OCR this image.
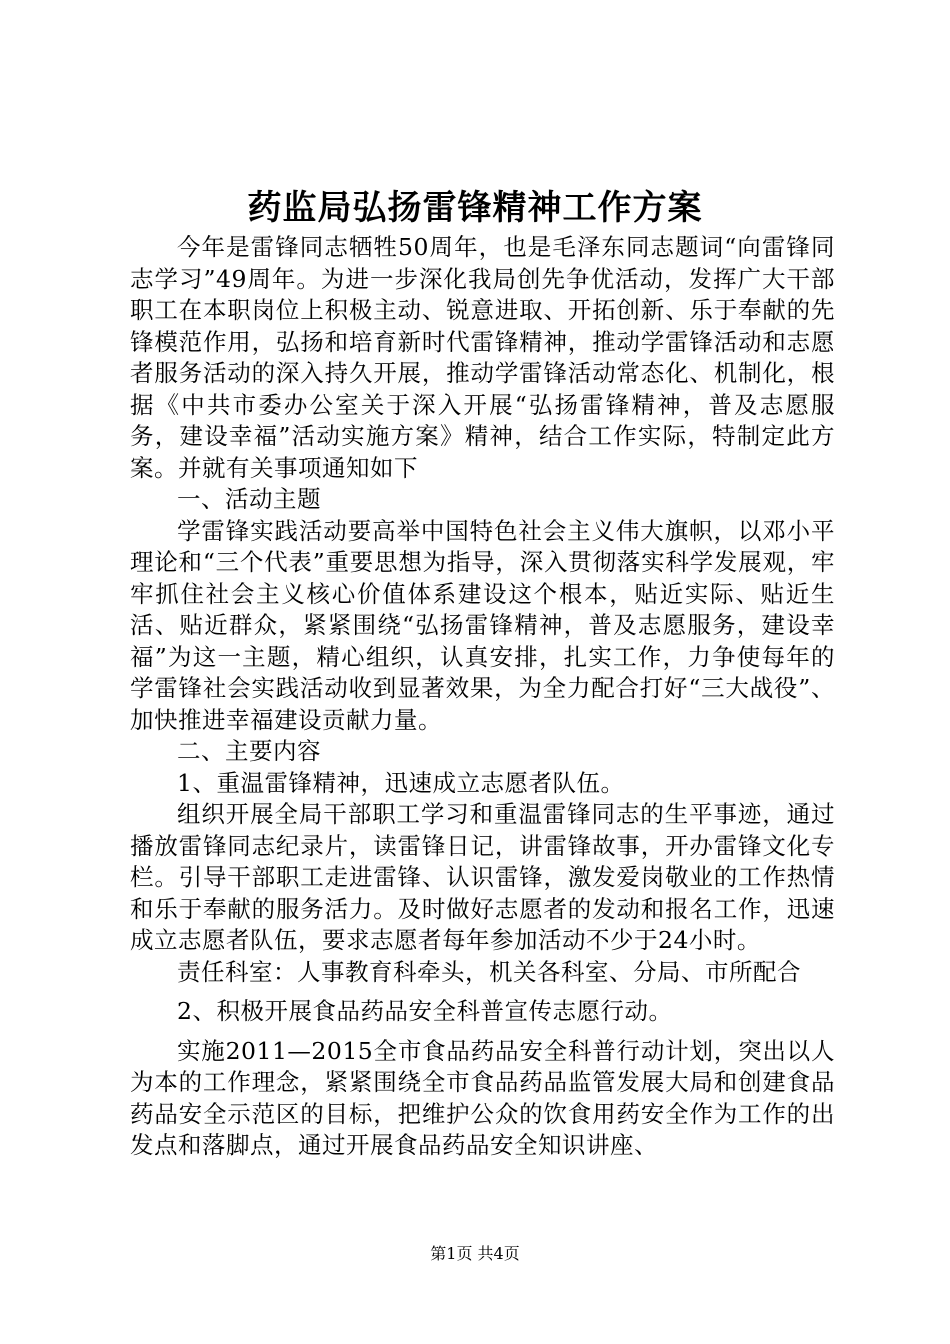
药监局弘扬雷锋精神工作方案

今年是雷锋同志牺牲50周年，也是毛泽东同志题词“向雷锋同志学习”49周年。为进一步深化我局创先争优活动，发挥广大干部职工在本职岗位上积极主动、锐意进取、开拓创新、乐于奉献的先锋模范作用，弘扬和培育新时代雷锋精神，推动学雷锋活动和志愿者服务活动的深入持久开展，推动学雷锋活动常态化、机制化，根据《中共市委办公室关于深入开展“弘扬雷锋精神，普及志愿服务，建设幸福”活动实施方案》精神，结合工作实际，特制定此方案。并就有关事项通知如下

一、活动主题

学雷锋实践活动要高举中国特色社会主义伟大旗帜，以邓小平理论和“三个代表”重要思想为指导，深入贯彻落实科学发展观，牢牢抓住社会主义核心价值体系建设这个根本，贴近实际、贴近生活、贴近群众，紧紧围绕“弘扬雷锋精神，普及志愿服务，建设幸福”为这一主题，精心组织，认真安排，扎实工作，力争使每年的学雷锋社会实践活动收到显著效果，为全力配合打好“三大战役”、加快推进幸福建设贡献力量。

二、主要内容

1、重温雷锋精神，迅速成立志愿者队伍。

组织开展全局干部职工学习和重温雷锋同志的生平事迹，通过播放雷锋同志纪录片，读雷锋日记，讲雷锋故事，开办雷锋文化专栏。引导干部职工走进雷锋、认识雷锋，激发爱岗敬业的工作热情和乐于奉献的服务活力。及时做好志愿者的发动和报名工作，迅速成立志愿者队伍，要求志愿者每年参加活动不少于24小时。

责任科室：人事教育科牵头，机关各科室、分局、市所配合

2、积极开展食品药品安全科普宣传志愿行动。

实施2011—2015全市食品药品安全科普行动计划，突出以人为本的工作理念，紧紧围绕全市食品药品监管发展大局和创建食品药品安全示范区的目标，把维护公众的饮食用药安全作为工作的出发点和落脚点，通过开展食品药品安全知识讲座、

第1页 共4页
